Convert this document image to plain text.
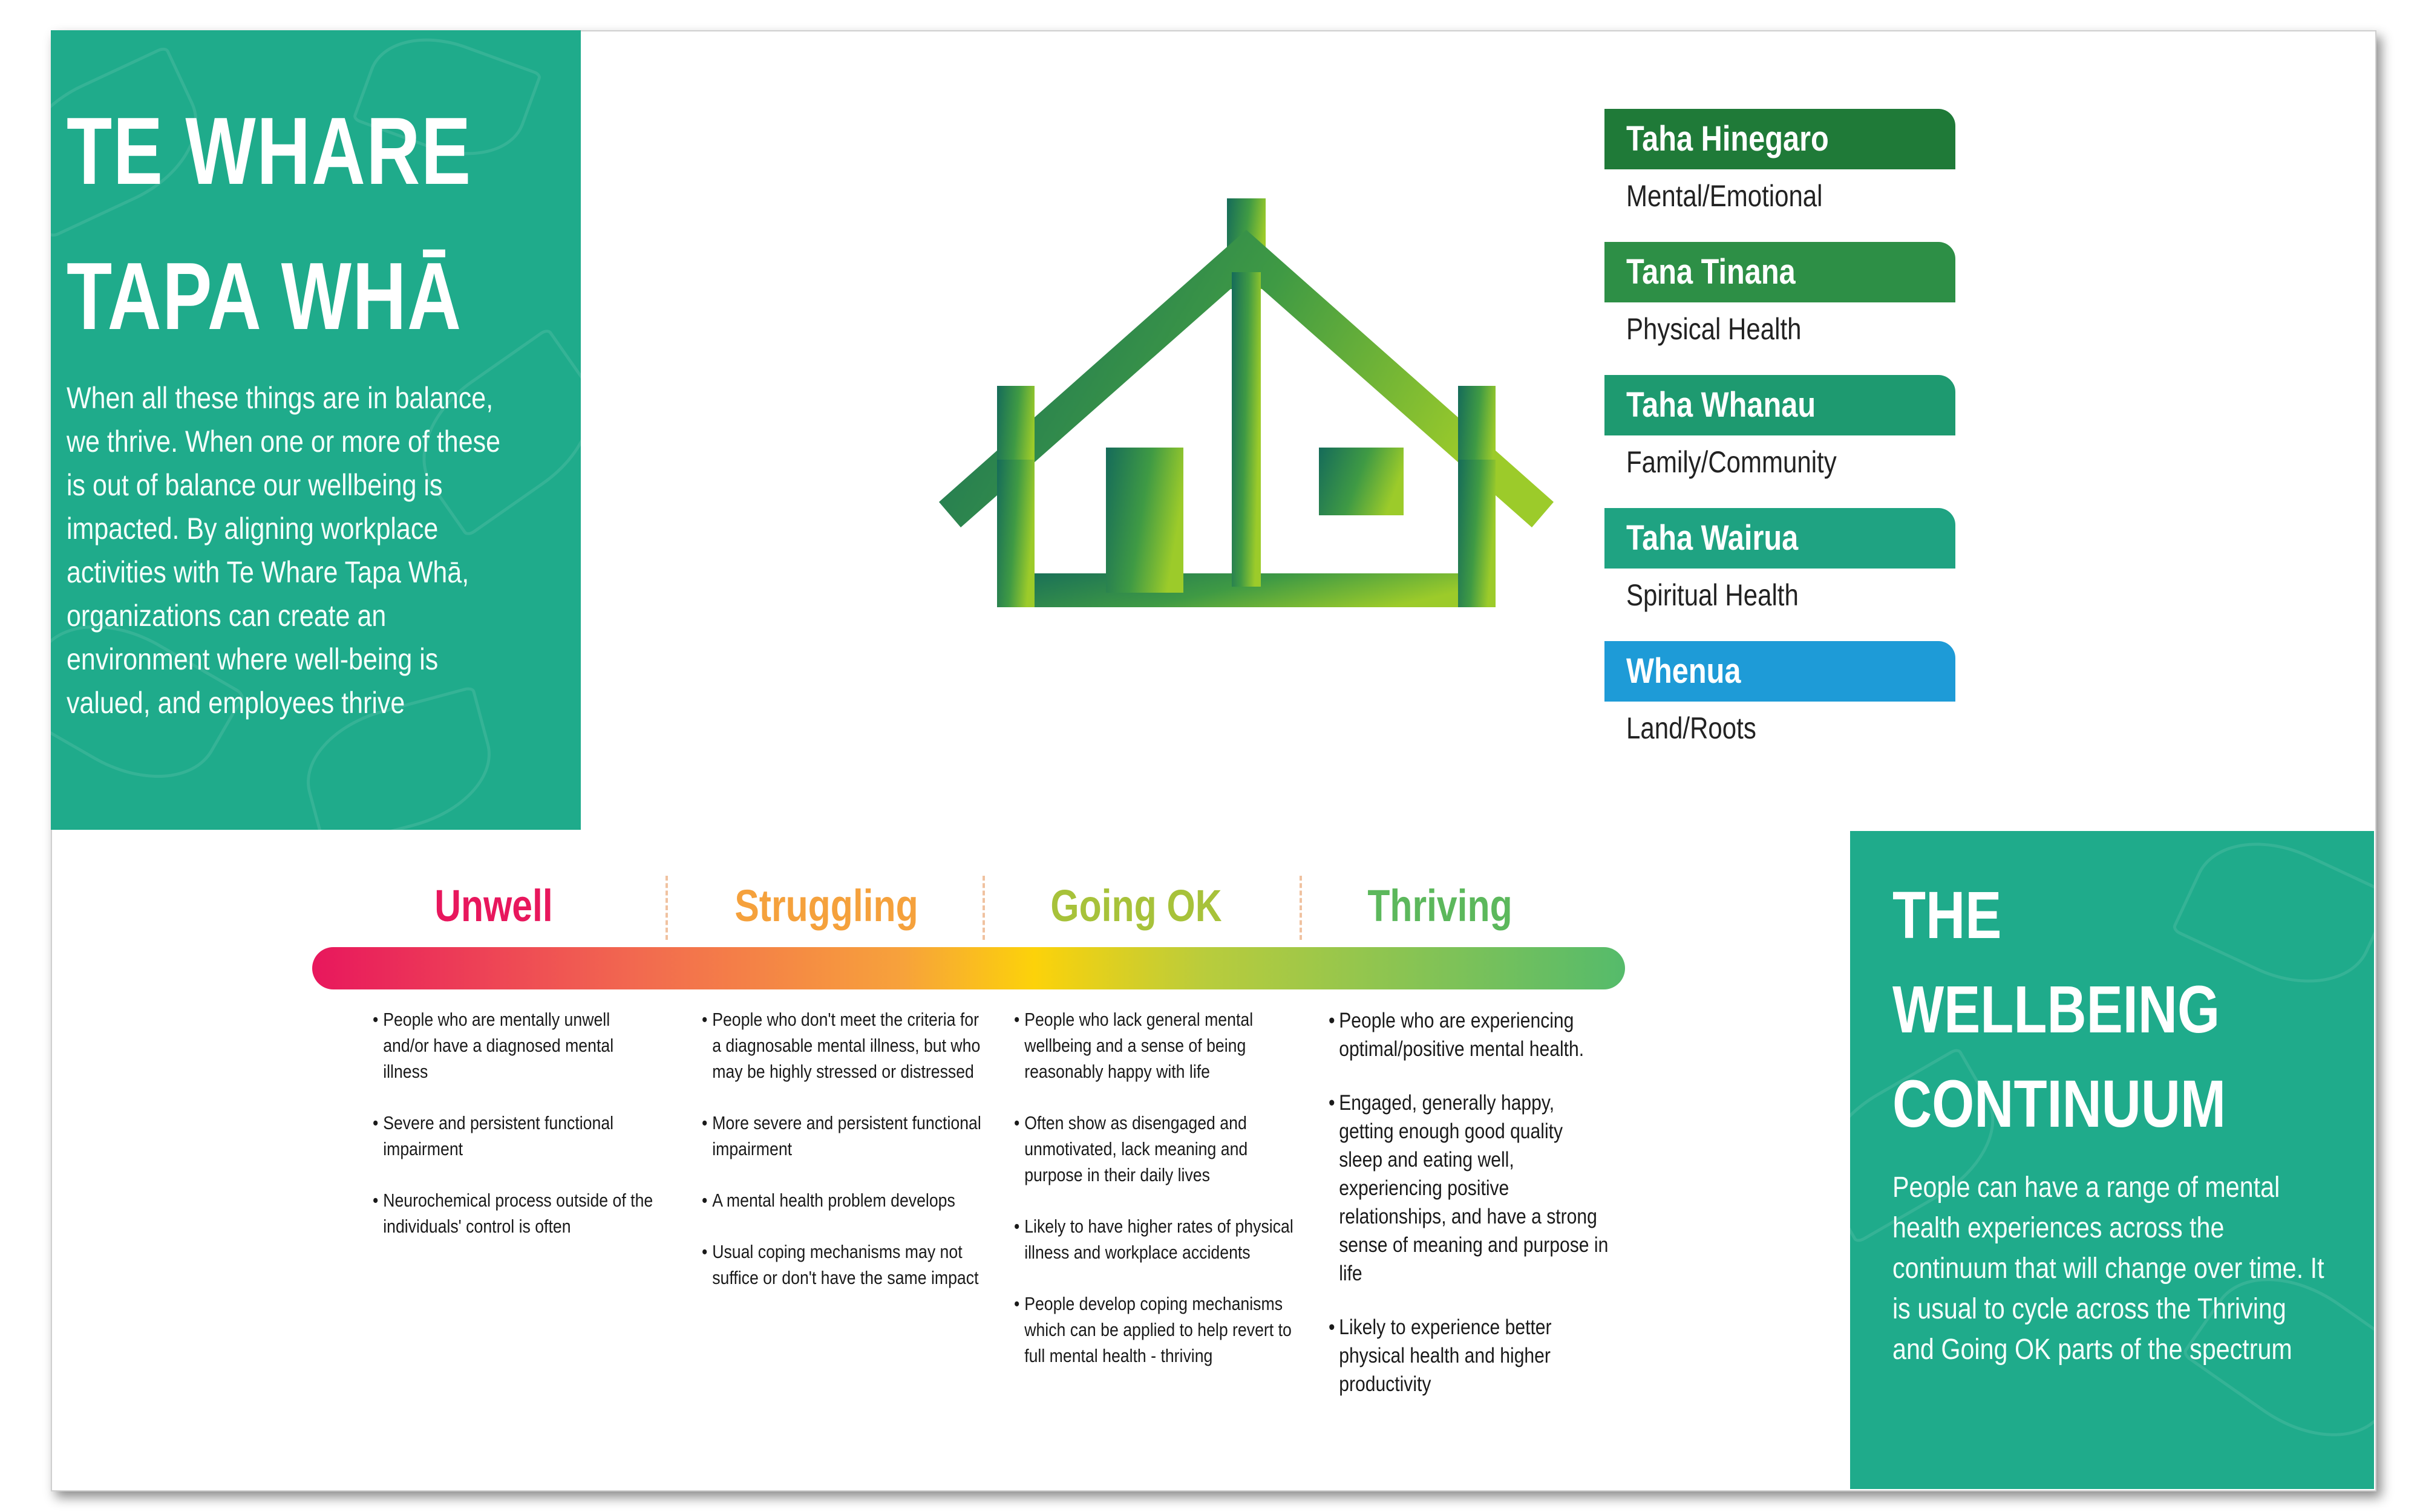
TE WHARE
TAPA WHĀ

When all these things are in balance, we thrive. When one or more of these is out of balance our wellbeing is impacted. By aligning workplace activities with Te Whare Tapa Whā, organizations can create an environment where well-being is valued, and employees thrive

Taha Hinegaro
Mental/Emotional
Tana Tinana
Physical Health
Taha Whanau
Family/Community
Taha Wairua
Spiritual Health
Whenua
Land/Roots
Unwell	Struggling	Going OK	Thriving
• People who are mentally unwell and/or have a diagnosed mental illness
• Severe and persistent functional impairment
• Neurochemical process outside of the individuals' control is often
• People who don't meet the criteria for a diagnosable mental illness, but who may be highly stressed or distressed
• More severe and persistent functional impairment
• A mental health problem develops
• Usual coping mechanisms may not suffice or don't have the same impact
• People who lack general mental wellbeing and a sense of being reasonably happy with life
• Often show as disengaged and unmotivated, lack meaning and purpose in their daily lives
• Likely to have higher rates of physical illness and workplace accidents
• People develop coping mechanisms which can be applied to help revert to full mental health - thriving
• People who are experiencing optimal/positive mental health.
• Engaged, generally happy, getting enough good quality sleep and eating well, experiencing positive relationships, and have a strong sense of meaning and purpose in life
• Likely to experience better physical health and higher productivity
THE
WELLBEING
CONTINUUM

People can have a range of mental health experiences across the continuum that will change over time. It is usual to cycle across the Thriving and Going OK parts of the spectrum
